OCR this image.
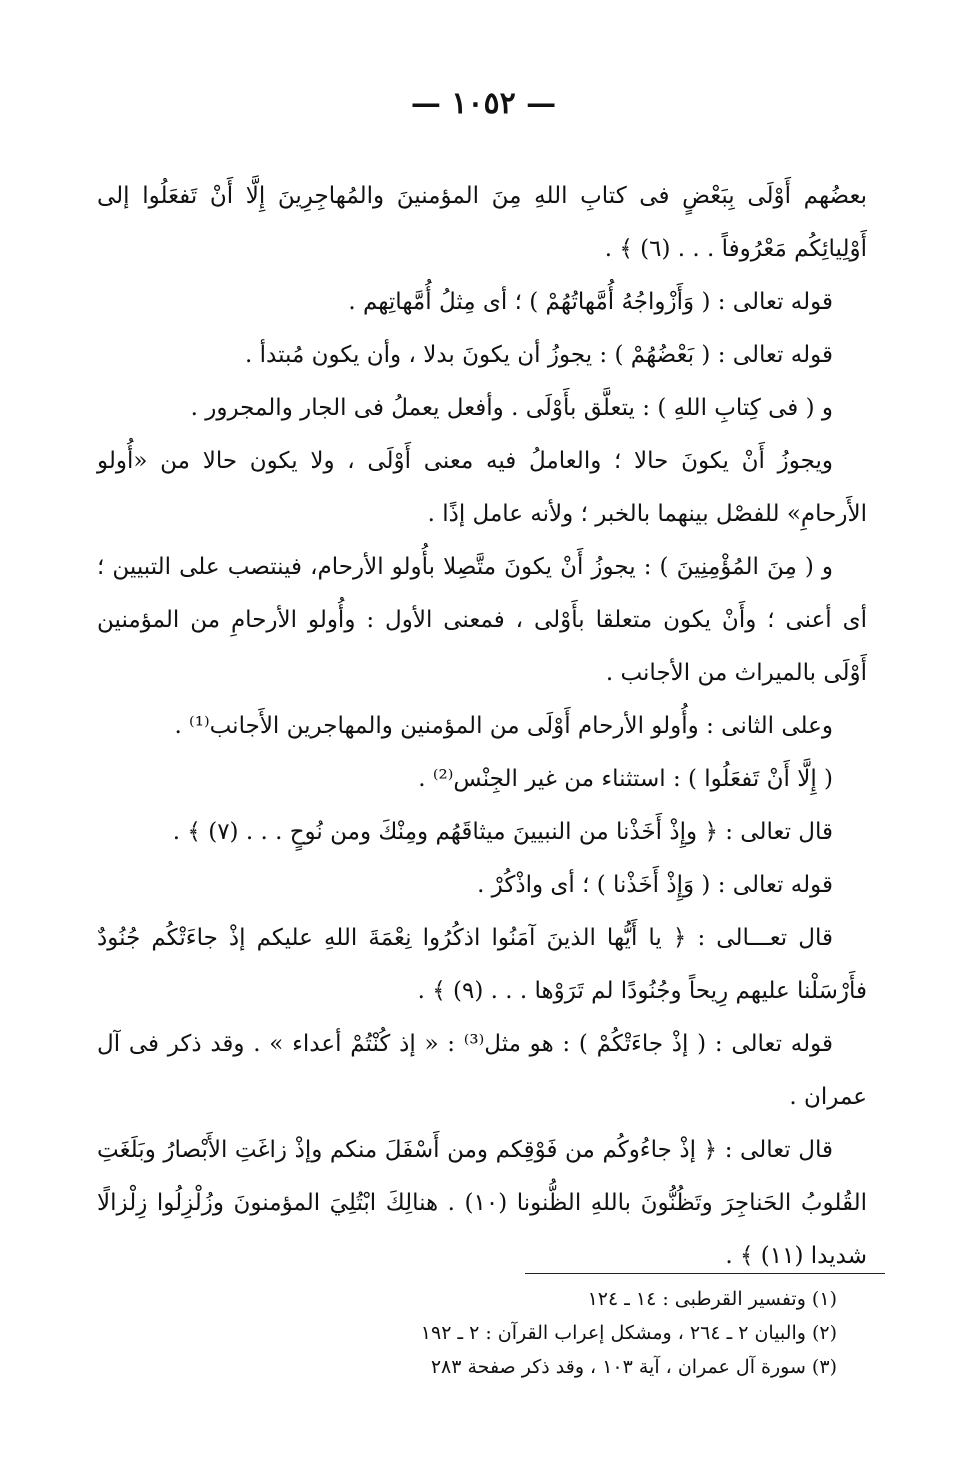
— ١٠٥٢ —

بعضُهم أَوْلَى بِبَعْضٍ فى كتابِ اللهِ مِنَ المؤمنينَ والمُهاجِرِينَ إِلَّا أَنْ تَفعَلُوا إلى أَوْلِيائِكُم مَعْرُوفاً . . . (٦) ﴾ .

قوله تعالى : ( وَأَزْواجُهُ أُمَّهاتُهُمْ ) ؛ أى مِثلُ أُمَّهاتِهم .

قوله تعالى : ( بَعْضُهُمْ ) : يجوزُ أن يكونَ بدلا ، وأن يكون مُبتدأ .

و ( فى كِتابِ اللهِ ) : يتعلَّق بأَوْلَى . وأفعل يعملُ فى الجار والمجرور .

ويجوزُ أَنْ يكونَ حالا ؛ والعاملُ فيه معنى أَوْلَى ، ولا يكون حالا من «أُولو الأَرحامِ» للفصْل بينهما بالخبر ؛ ولأنه عامل إذًا .

و ( مِنَ المُؤْمِنِينَ ) : يجوزُ أَنْ يكونَ متَّصِلا بأُولو الأرحام، فينتصب على التبيين ؛ أى أعنى ؛ وأَنْ يكون متعلقا بأَوْلى ، فمعنى الأول : وأُولو الأرحامِ من المؤمنين أَوْلَى بالميراث من الأجانب .

وعلى الثانى : وأُولو الأرحام أَوْلَى من المؤمنين والمهاجرين الأَجانب⁽¹⁾ .

( إِلَّا أَنْ تَفعَلُوا ) : استثناء من غير الجِنْس⁽²⁾ .

قال تعالى : ﴿ وإِذْ أَخَذْنا من النبيينَ ميثاقَهُم ومِنْكَ ومن نُوحٍ . . . (٧) ﴾ .

قوله تعالى : ( وَإِذْ أَخَذْنا ) ؛ أى واذْكُرْ .

قال تعـــالى : ﴿ يا أَيُّها الذينَ آمَنُوا اذكُرُوا نِعْمَةَ اللهِ عليكم إذْ جاءَتْكُم جُنُودٌ فأَرْسَلْنا عليهم رِيحاً وجُنُودًا لم تَرَوْها . . . (٩) ﴾ .

قوله تعالى : ( إذْ جاءَتْكُمْ ) : هو مثل⁽³⁾ : « إذ كُنْتُمْ أعداء » . وقد ذكر فى آل عمران .

قال تعالى : ﴿ إذْ جاءُوكُم من فَوْقِكم ومن أَسْفَلَ منكم وإذْ زاغَتِ الأَبْصارُ وبَلَغَتِ القُلوبُ الحَناجِرَ وتَظُنُّونَ باللهِ الظُّنونا (١٠) . هنالِكَ ابْتُلِيَ المؤمنونَ وزُلْزِلُوا زِلْزالًا شديدا (١١) ﴾ .

(١) وتفسير القرطبى : ١٤ ـ ١٢٤

(٢) والبيان ٢ ـ ٢٦٤ ، ومشكل إعراب القرآن : ٢ ـ ١٩٢

(٣) سورة آل عمران ، آية ١٠٣ ، وقد ذكر صفحة ٢٨٣
